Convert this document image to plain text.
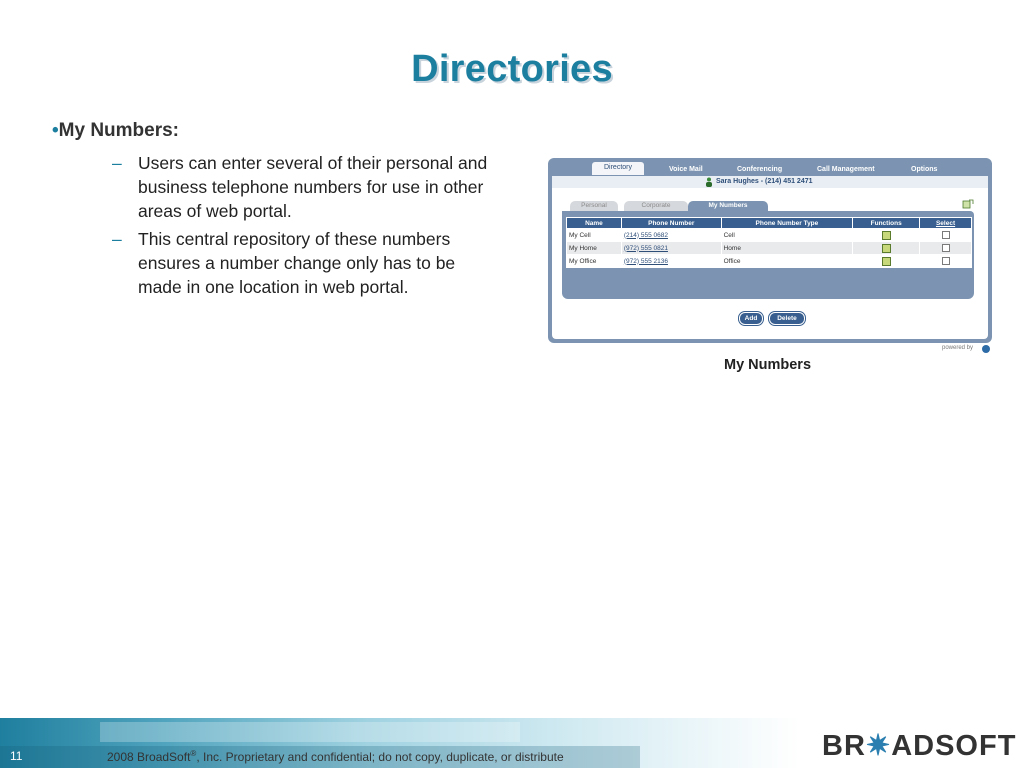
Directories
•My Numbers:
– Users can enter several of their personal and business telephone numbers for use in other areas of web portal.
– This central repository of these numbers ensures a number change only has to be made in one location in web portal.
Directory	Voice Mail	Conferencing	Call Management	Options
Sara Hughes - (214) 451 2471
Personal	Corporate	My Numbers
Name	Phone Number	Phone Number Type	Functions	Select
My Cell	(214) 555 0682	Cell		
My Home	(972) 555 0821	Home		
My Office	(972) 555 2136	Office		
Add	Delete
powered by
My Numbers
11	2008 BroadSoft®, Inc. Proprietary and confidential; do not copy, duplicate, or distribute	BR✷ADSOFT
